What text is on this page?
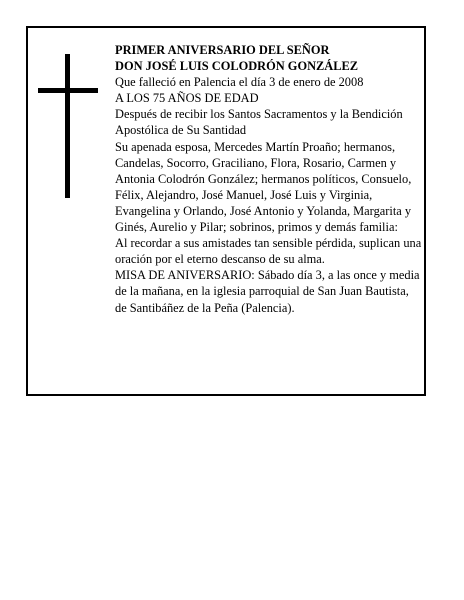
PRIMER ANIVERSARIO DEL SEÑOR

DON JOSÉ LUIS COLODRÓN GONZÁLEZ

Que falleció en Palencia el día 3 de enero de 2008

A LOS 75 AÑOS DE EDAD

Después de recibir los Santos Sacramentos y la Bendición Apostólica de Su Santidad

Su apenada esposa, Mercedes Martín Proaño; hermanos, Candelas, Socorro, Graciliano, Flora, Rosario, Carmen y Antonia Colodrón González; hermanos políticos, Consuelo, Félix, Alejandro, José Manuel, José Luis y Virginia, Evangelina y Orlando, José Antonio y Yolanda, Margarita y Ginés, Aurelio y Pilar; sobrinos, primos y demás familia:

Al recordar a sus amistades tan sensible pérdida, suplican una oración por el eterno descanso de su alma.

MISA DE ANIVERSARIO: Sábado día 3, a las once y media de la mañana, en la iglesia parroquial de San Juan Bautista, de Santibáñez de la Peña (Palencia).
